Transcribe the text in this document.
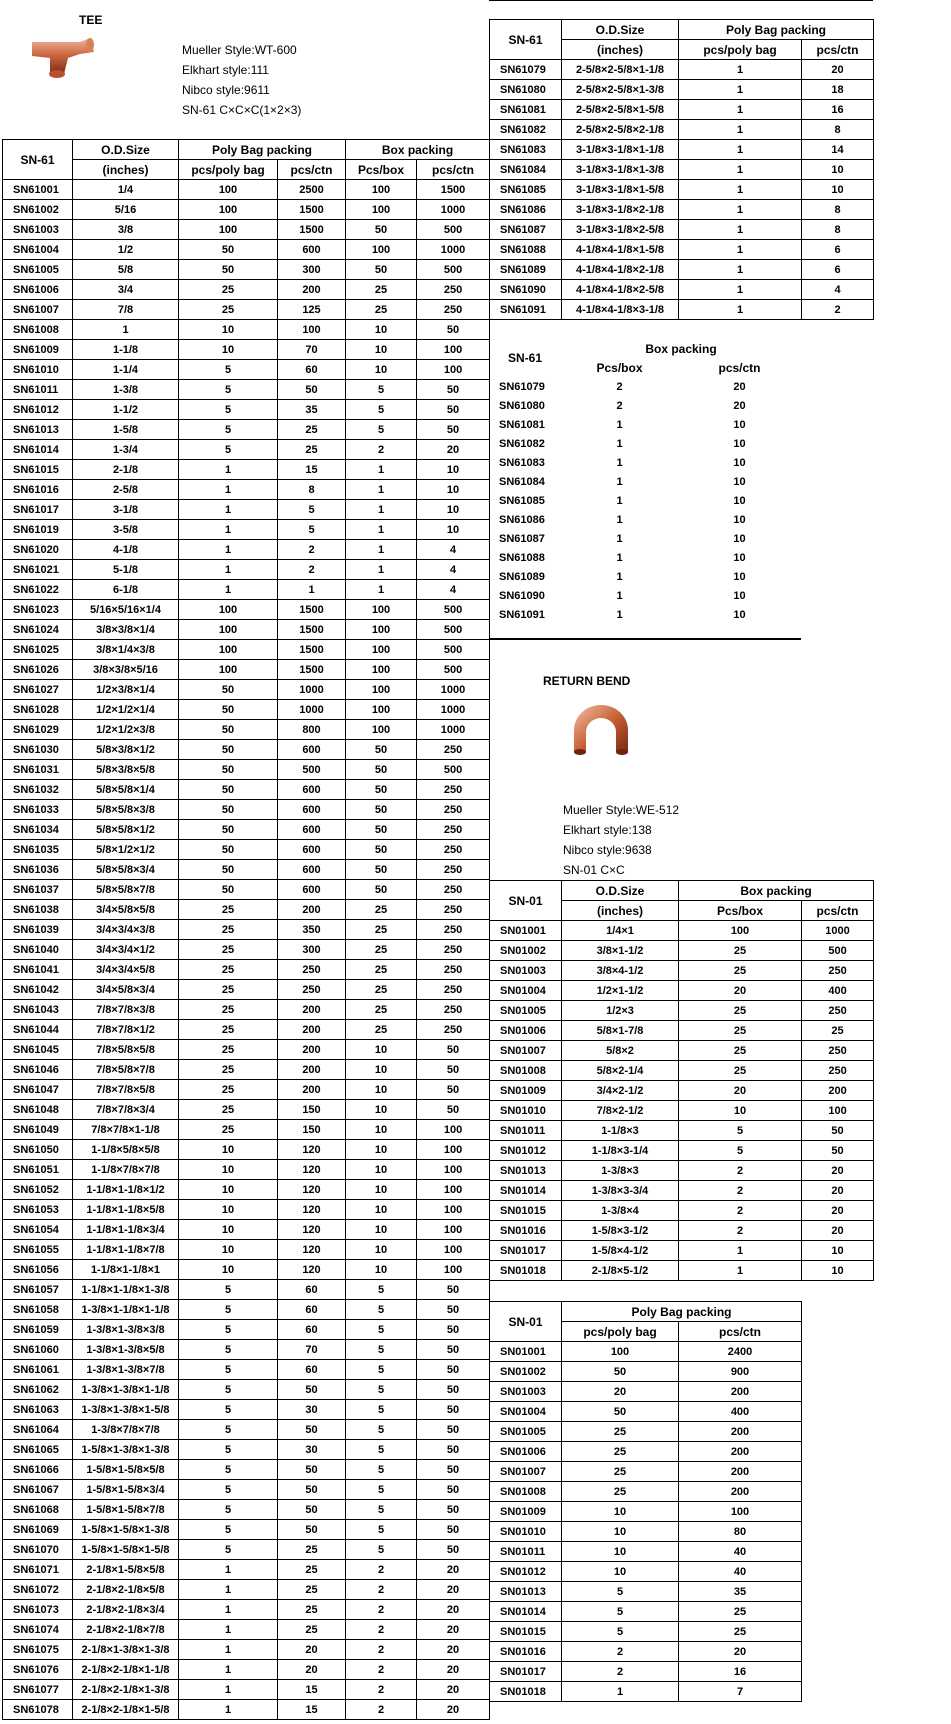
TEE
Mueller Style:WT-600
Elkhart style:111
Nibco style:9611
SN-61 C×C×C(1×2×3)
SN-61	O.D.Size	Poly Bag packing		Box packing	
	(inches)	pcs/poly bag	pcs/ctn	Pcs/box	pcs/ctn
SN61001	1/4	100	2500	100	1500
SN61002	5/16	100	1500	100	1000
SN61003	3/8	100	1500	50	500
SN61004	1/2	50	600	100	1000
SN61005	5/8	50	300	50	500
SN61006	3/4	25	200	25	250
SN61007	7/8	25	125	25	250
SN61008	1	10	100	10	50
SN61009	1-1/8	10	70	10	100
SN61010	1-1/4	5	60	10	100
SN61011	1-3/8	5	50	5	50
SN61012	1-1/2	5	35	5	50
SN61013	1-5/8	5	25	5	50
SN61014	1-3/4	5	25	2	20
SN61015	2-1/8	1	15	1	10
SN61016	2-5/8	1	8	1	10
SN61017	3-1/8	1	5	1	10
SN61019	3-5/8	1	5	1	10
SN61020	4-1/8	1	2	1	4
SN61021	5-1/8	1	2	1	4
SN61022	6-1/8	1	1	1	4
SN61023	5/16×5/16×1/4	100	1500	100	500
SN61024	3/8×3/8×1/4	100	1500	100	500
SN61025	3/8×1/4×3/8	100	1500	100	500
SN61026	3/8×3/8×5/16	100	1500	100	500
SN61027	1/2×3/8×1/4	50	1000	100	1000
SN61028	1/2×1/2×1/4	50	1000	100	1000
SN61029	1/2×1/2×3/8	50	800	100	1000
SN61030	5/8×3/8×1/2	50	600	50	250
SN61031	5/8×3/8×5/8	50	500	50	500
SN61032	5/8×5/8×1/4	50	600	50	250
SN61033	5/8×5/8×3/8	50	600	50	250
SN61034	5/8×5/8×1/2	50	600	50	250
SN61035	5/8×1/2×1/2	50	600	50	250
SN61036	5/8×5/8×3/4	50	600	50	250
SN61037	5/8×5/8×7/8	50	600	50	250
SN61038	3/4×5/8×5/8	25	200	25	250
SN61039	3/4×3/4×3/8	25	350	25	250
SN61040	3/4×3/4×1/2	25	300	25	250
SN61041	3/4×3/4×5/8	25	250	25	250
SN61042	3/4×5/8×3/4	25	250	25	250
SN61043	7/8×7/8×3/8	25	200	25	250
SN61044	7/8×7/8×1/2	25	200	25	250
SN61045	7/8×5/8×5/8	25	200	10	50
SN61046	7/8×5/8×7/8	25	200	10	50
SN61047	7/8×7/8×5/8	25	200	10	50
SN61048	7/8×7/8×3/4	25	150	10	50
SN61049	7/8×7/8×1-1/8	25	150	10	100
SN61050	1-1/8×5/8×5/8	10	120	10	100
SN61051	1-1/8×7/8×7/8	10	120	10	100
SN61052	1-1/8×1-1/8×1/2	10	120	10	100
SN61053	1-1/8×1-1/8×5/8	10	120	10	100
SN61054	1-1/8×1-1/8×3/4	10	120	10	100
SN61055	1-1/8×1-1/8×7/8	10	120	10	100
SN61056	1-1/8×1-1/8×1	10	120	10	100
SN61057	1-1/8×1-1/8×1-3/8	5	60	5	50
SN61058	1-3/8×1-1/8×1-1/8	5	60	5	50
SN61059	1-3/8×1-3/8×3/8	5	60	5	50
SN61060	1-3/8×1-3/8×5/8	5	70	5	50
SN61061	1-3/8×1-3/8×7/8	5	60	5	50
SN61062	1-3/8×1-3/8×1-1/8	5	50	5	50
SN61063	1-3/8×1-3/8×1-5/8	5	30	5	50
SN61064	1-3/8×7/8×7/8	5	50	5	50
SN61065	1-5/8×1-3/8×1-3/8	5	30	5	50
SN61066	1-5/8×1-5/8×5/8	5	50	5	50
SN61067	1-5/8×1-5/8×3/4	5	50	5	50
SN61068	1-5/8×1-5/8×7/8	5	50	5	50
SN61069	1-5/8×1-5/8×1-3/8	5	50	5	50
SN61070	1-5/8×1-5/8×1-5/8	5	25	5	50
SN61071	2-1/8×1-5/8×5/8	1	25	2	20
SN61072	2-1/8×2-1/8×5/8	1	25	2	20
SN61073	2-1/8×2-1/8×3/4	1	25	2	20
SN61074	2-1/8×2-1/8×7/8	1	25	2	20
SN61075	2-1/8×1-3/8×1-3/8	1	20	2	20
SN61076	2-1/8×2-1/8×1-1/8	1	20	2	20
SN61077	2-1/8×2-1/8×1-3/8	1	15	2	20
SN61078	2-1/8×2-1/8×1-5/8	1	15	2	20
SN-61	O.D.Size	Poly Bag packing	
	(inches)	pcs/poly bag	pcs/ctn
SN61079	2-5/8×2-5/8×1-1/8	1	20
SN61080	2-5/8×2-5/8×1-3/8	1	18
SN61081	2-5/8×2-5/8×1-5/8	1	16
SN61082	2-5/8×2-5/8×2-1/8	1	8
SN61083	3-1/8×3-1/8×1-1/8	1	14
SN61084	3-1/8×3-1/8×1-3/8	1	10
SN61085	3-1/8×3-1/8×1-5/8	1	10
SN61086	3-1/8×3-1/8×2-1/8	1	8
SN61087	3-1/8×3-1/8×2-5/8	1	8
SN61088	4-1/8×4-1/8×1-5/8	1	6
SN61089	4-1/8×4-1/8×2-1/8	1	6
SN61090	4-1/8×4-1/8×2-5/8	1	4
SN61091	4-1/8×4-1/8×3-1/8	1	2
SN-61	Box packing	
	Pcs/box	pcs/ctn
SN61079	2	20
SN61080	2	20
SN61081	1	10
SN61082	1	10
SN61083	1	10
SN61084	1	10
SN61085	1	10
SN61086	1	10
SN61087	1	10
SN61088	1	10
SN61089	1	10
SN61090	1	10
SN61091	1	10
RETURN BEND
Mueller Style:WE-512
Elkhart style:138
Nibco style:9638
SN-01 C×C
SN-01	O.D.Size	Box packing	
	(inches)	Pcs/box	pcs/ctn
SN01001	1/4×1	100	1000
SN01002	3/8×1-1/2	25	500
SN01003	3/8×4-1/2	25	250
SN01004	1/2×1-1/2	20	400
SN01005	1/2×3	25	250
SN01006	5/8×1-7/8	25	25
SN01007	5/8×2	25	250
SN01008	5/8×2-1/4	25	250
SN01009	3/4×2-1/2	20	200
SN01010	7/8×2-1/2	10	100
SN01011	1-1/8×3	5	50
SN01012	1-1/8×3-1/4	5	50
SN01013	1-3/8×3	2	20
SN01014	1-3/8×3-3/4	2	20
SN01015	1-3/8×4	2	20
SN01016	1-5/8×3-1/2	2	20
SN01017	1-5/8×4-1/2	1	10
SN01018	2-1/8×5-1/2	1	10
SN-01	Poly Bag packing	
	pcs/poly bag	pcs/ctn
SN01001	100	2400
SN01002	50	900
SN01003	20	200
SN01004	50	400
SN01005	25	200
SN01006	25	200
SN01007	25	200
SN01008	25	200
SN01009	10	100
SN01010	10	80
SN01011	10	40
SN01012	10	40
SN01013	5	35
SN01014	5	25
SN01015	5	25
SN01016	2	20
SN01017	2	16
SN01018	1	7
